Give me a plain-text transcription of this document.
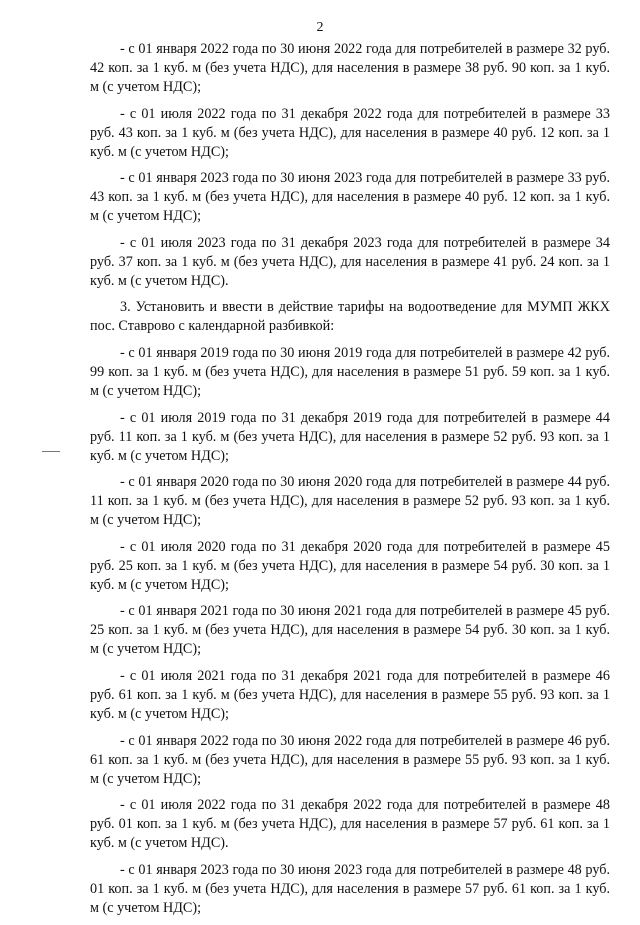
2

- с 01 января 2022 года по 30 июня 2022 года для потребителей в размере 32 руб. 42 коп. за 1 куб. м (без учета НДС), для населения в размере 38 руб. 90 коп. за 1 куб. м (с учетом НДС);

- с 01 июля 2022 года по 31 декабря 2022 года для потребителей в размере 33 руб. 43 коп. за 1 куб. м (без учета НДС), для населения в размере 40 руб. 12 коп. за 1 куб. м (с учетом НДС);

- с 01 января 2023 года по 30 июня 2023 года для потребителей в размере 33 руб. 43 коп. за 1 куб. м (без учета НДС), для населения в размере 40 руб. 12 коп. за 1 куб. м (с учетом НДС);

- с 01 июля 2023 года по 31 декабря 2023 года для потребителей в размере 34 руб. 37 коп. за 1 куб. м (без учета НДС), для населения в размере 41 руб. 24 коп. за 1 куб. м (с учетом НДС).

3. Установить и ввести в действие тарифы на водоотведение для МУМП ЖКХ пос. Ставрово с календарной разбивкой:

- с 01 января 2019 года по 30 июня 2019 года для потребителей в размере 42 руб. 99 коп. за 1 куб. м (без учета НДС), для населения в размере 51 руб. 59 коп. за 1 куб. м (с учетом НДС);

- с 01 июля 2019 года по 31 декабря 2019 года для потребителей в размере 44 руб. 11 коп. за 1 куб. м (без учета НДС), для населения в размере 52 руб. 93 коп. за 1 куб. м (с учетом НДС);

- с 01 января 2020 года по 30 июня 2020 года для потребителей в размере 44 руб. 11 коп. за 1 куб. м (без учета НДС), для населения в размере 52 руб. 93 коп. за 1 куб. м (с учетом НДС);

- с 01 июля 2020 года по 31 декабря 2020 года для потребителей в размере 45 руб. 25 коп. за 1 куб. м (без учета НДС), для населения в размере 54 руб. 30 коп. за 1 куб. м (с учетом НДС);

- с 01 января 2021 года по 30 июня 2021 года для потребителей в размере 45 руб. 25 коп. за 1 куб. м (без учета НДС), для населения в размере 54 руб. 30 коп. за 1 куб. м (с учетом НДС);

- с 01 июля 2021 года по 31 декабря 2021 года для потребителей в размере 46 руб. 61 коп. за 1 куб. м (без учета НДС), для населения в размере 55 руб. 93 коп. за 1 куб. м (с учетом НДС);

- с 01 января 2022 года по 30 июня 2022 года для потребителей в размере 46 руб. 61 коп. за 1 куб. м (без учета НДС), для населения в размере 55 руб. 93 коп. за 1 куб. м (с учетом НДС);

- с 01 июля 2022 года по 31 декабря 2022 года для потребителей в размере 48 руб. 01 коп. за 1 куб. м (без учета НДС), для населения в размере 57 руб. 61 коп. за 1 куб. м (с учетом НДС).

- с 01 января 2023 года по 30 июня 2023 года для потребителей в размере 48 руб. 01 коп. за 1 куб. м (без учета НДС), для населения в размере 57 руб. 61 коп. за 1 куб. м (с учетом НДС);
